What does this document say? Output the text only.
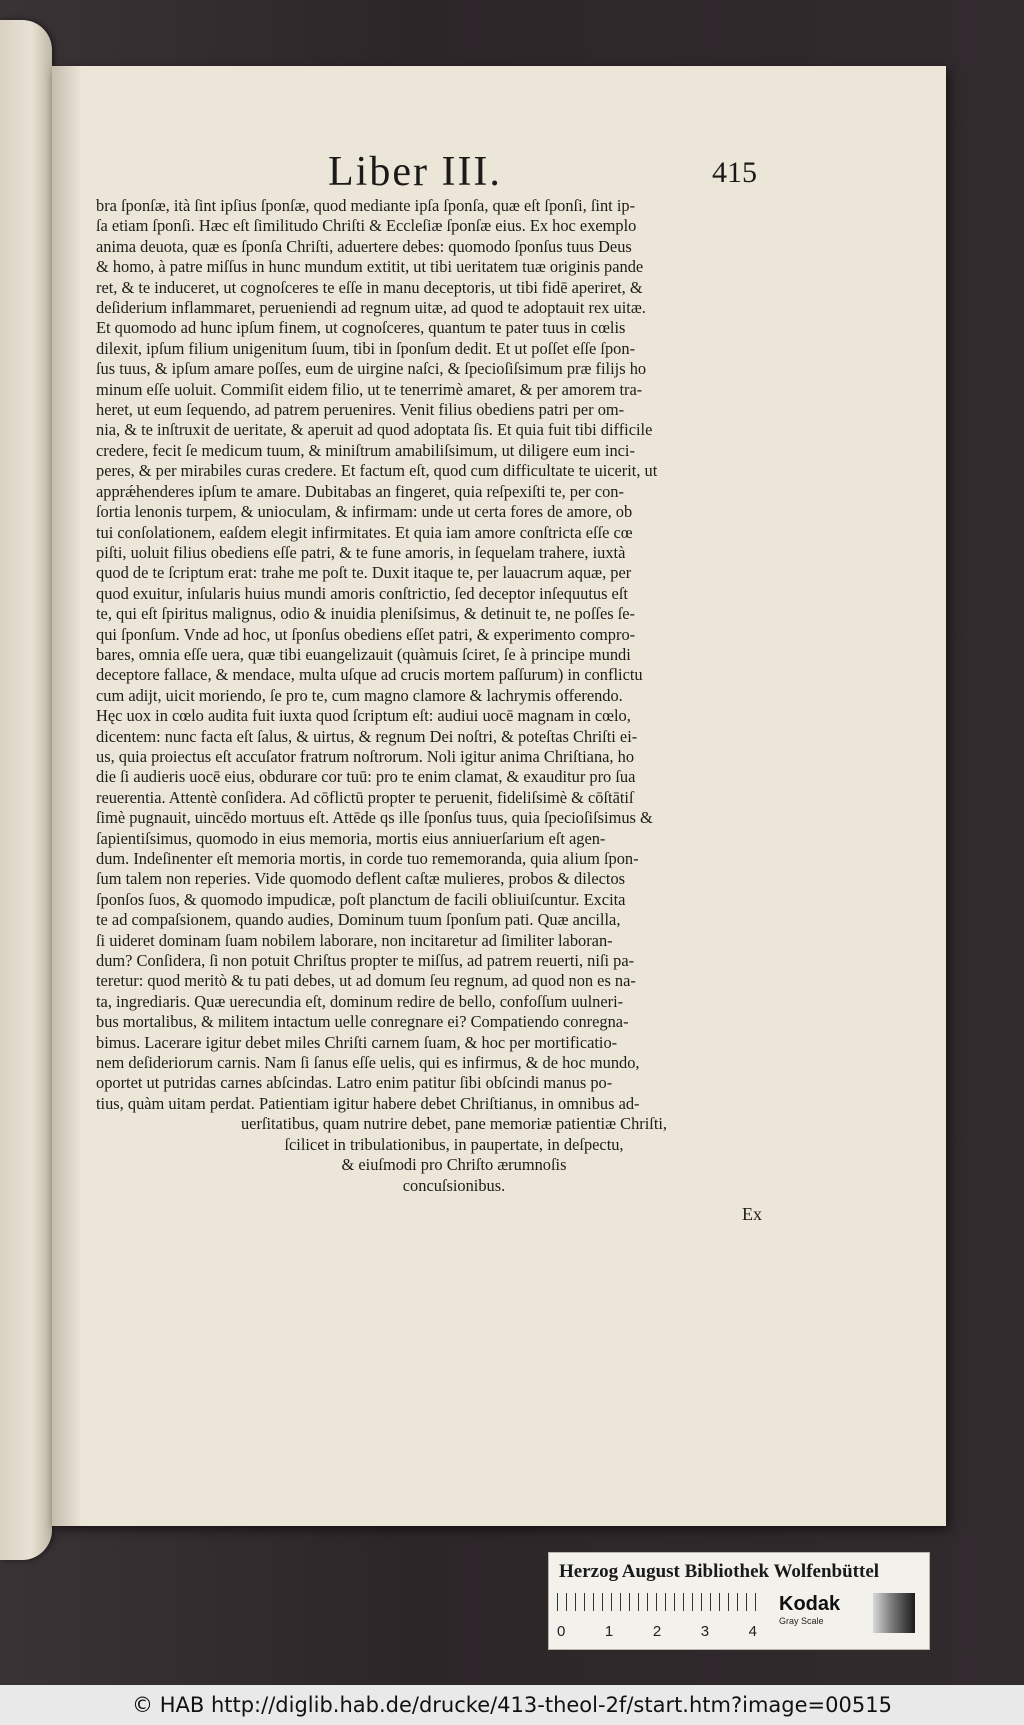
Liber III.	415
bra ſponſæ, ità ſint ipſius ſponſæ, quod mediante ipſa ſponſa, quæ eſt ſponſi, ſint ip-
ſa etiam ſponſi. Hæc eſt ſimilitudo Chriſti & Eccleſiæ ſponſæ eius. Ex hoc exemplo
anima deuota, quæ es ſponſa Chriſti, aduertere debes: quomodo ſponſus tuus Deus
& homo, à patre miſſus in hunc mundum extitit, ut tibi ueritatem tuæ originis pande
ret, & te induceret, ut cognoſceres te eſſe in manu deceptoris, ut tibi fidē aperiret, &
deſiderium inflammaret, perueniendi ad regnum uitæ, ad quod te adoptauit rex uitæ.
Et quomodo ad hunc ipſum finem, ut cognoſceres, quantum te pater tuus in cœlis
dilexit, ipſum filium unigenitum ſuum, tibi in ſponſum dedit. Et ut poſſet eſſe ſpon-
ſus tuus, & ipſum amare poſſes, eum de uirgine naſci, & ſpecioſiſsimum præ filijs ho
minum eſſe uoluit. Commiſit eidem filio, ut te tenerrimè amaret, & per amorem tra-
heret, ut eum ſequendo, ad patrem peruenires. Venit filius obediens patri per om-
nia, & te inſtruxit de ueritate, & aperuit ad quod adoptata ſis. Et quia fuit tibi difficile
credere, fecit ſe medicum tuum, & miniſtrum amabiliſsimum, ut diligere eum inci-
peres, & per mirabiles curas credere. Et factum eſt, quod cum difficultate te uicerit, ut
apprǽhenderes ipſum te amare. Dubitabas an fingeret, quia reſpexiſti te, per con-
ſortia lenonis turpem, & unioculam, & infirmam: unde ut certa fores de amore, ob
tui conſolationem, eaſdem elegit infirmitates. Et quia iam amore conſtricta eſſe cœ
piſti, uoluit filius obediens eſſe patri, & te fune amoris, in ſequelam trahere, iuxtà
quod de te ſcriptum erat: trahe me poſt te. Duxit itaque te, per lauacrum aquæ, per
quod exuitur, inſularis huius mundi amoris conſtrictio, ſed deceptor inſequutus eſt
te, qui eſt ſpiritus malignus, odio & inuidia pleniſsimus, & detinuit te, ne poſſes ſe-
qui ſponſum. Vnde ad hoc, ut ſponſus obediens eſſet patri, & experimento compro-
bares, omnia eſſe uera, quæ tibi euangelizauit (quàmuis ſciret, ſe à principe mundi
deceptore fallace, & mendace, multa uſque ad crucis mortem paſſurum) in conflictu
cum adijt, uicit moriendo, ſe pro te, cum magno clamore & lachrymis offerendo.
Hęc uox in cœlo audita fuit iuxta quod ſcriptum eſt: audiui uocē magnam in cœlo,
dicentem: nunc facta eſt ſalus, & uirtus, & regnum Dei noſtri, & poteſtas Chriſti ei-
us, quia proiectus eſt accuſator fratrum noſtrorum. Noli igitur anima Chriſtiana, ho
die ſi audieris uocē eius, obdurare cor tuū: pro te enim clamat, & exauditur pro ſua
reuerentia. Attentè conſidera. Ad cōflictū propter te peruenit, fideliſsimè & cōſtātiſ
ſimè pugnauit, uincēdo mortuus eſt. Attēde qs ille ſponſus tuus, quia ſpecioſiſsimus &
ſapientiſsimus, quomodo in eius memoria, mortis eius anniuerſarium eſt agen-
dum. Indeſinenter eſt memoria mortis, in corde tuo rememoranda, quia alium ſpon-
ſum talem non reperies. Vide quomodo deflent caſtæ mulieres, probos & dilectos
ſponſos ſuos, & quomodo impudicæ, poſt planctum de facili obliuiſcuntur. Excita
te ad compaſsionem, quando audies, Dominum tuum ſponſum pati. Quæ ancilla,
ſi uideret dominam ſuam nobilem laborare, non incitaretur ad ſimiliter laboran-
dum? Conſidera, ſi non potuit Chriſtus propter te miſſus, ad patrem reuerti, niſi pa-
teretur: quod meritò & tu pati debes, ut ad domum ſeu regnum, ad quod non es na-
ta, ingrediaris. Quæ uerecundia eſt, dominum redire de bello, confoſſum uulneri-
bus mortalibus, & militem intactum uelle conregnare ei? Compatiendo conregna-
bimus. Lacerare igitur debet miles Chriſti carnem ſuam, & hoc per mortificatio-
nem deſideriorum carnis. Nam ſi ſanus eſſe uelis, qui es infirmus, & de hoc mundo,
oportet ut putridas carnes abſcindas. Latro enim patitur ſibi obſcindi manus po-
tius, quàm uitam perdat. Patientiam igitur habere debet Chriſtianus, in omnibus ad-
uerſitatibus, quam nutrire debet, pane memoriæ patientiæ Chriſti,
ſcilicet in tribulationibus, in paupertate, in deſpectu,
& eiuſmodi pro Chriſto ærumnoſis
concuſsionibus.
Ex
Herzog August Bibliothek Wolfenbüttel
0	1	2	3	4
Kodak
Gray Scale
© HAB http://diglib.hab.de/drucke/413-theol-2f/start.htm?image=00515
